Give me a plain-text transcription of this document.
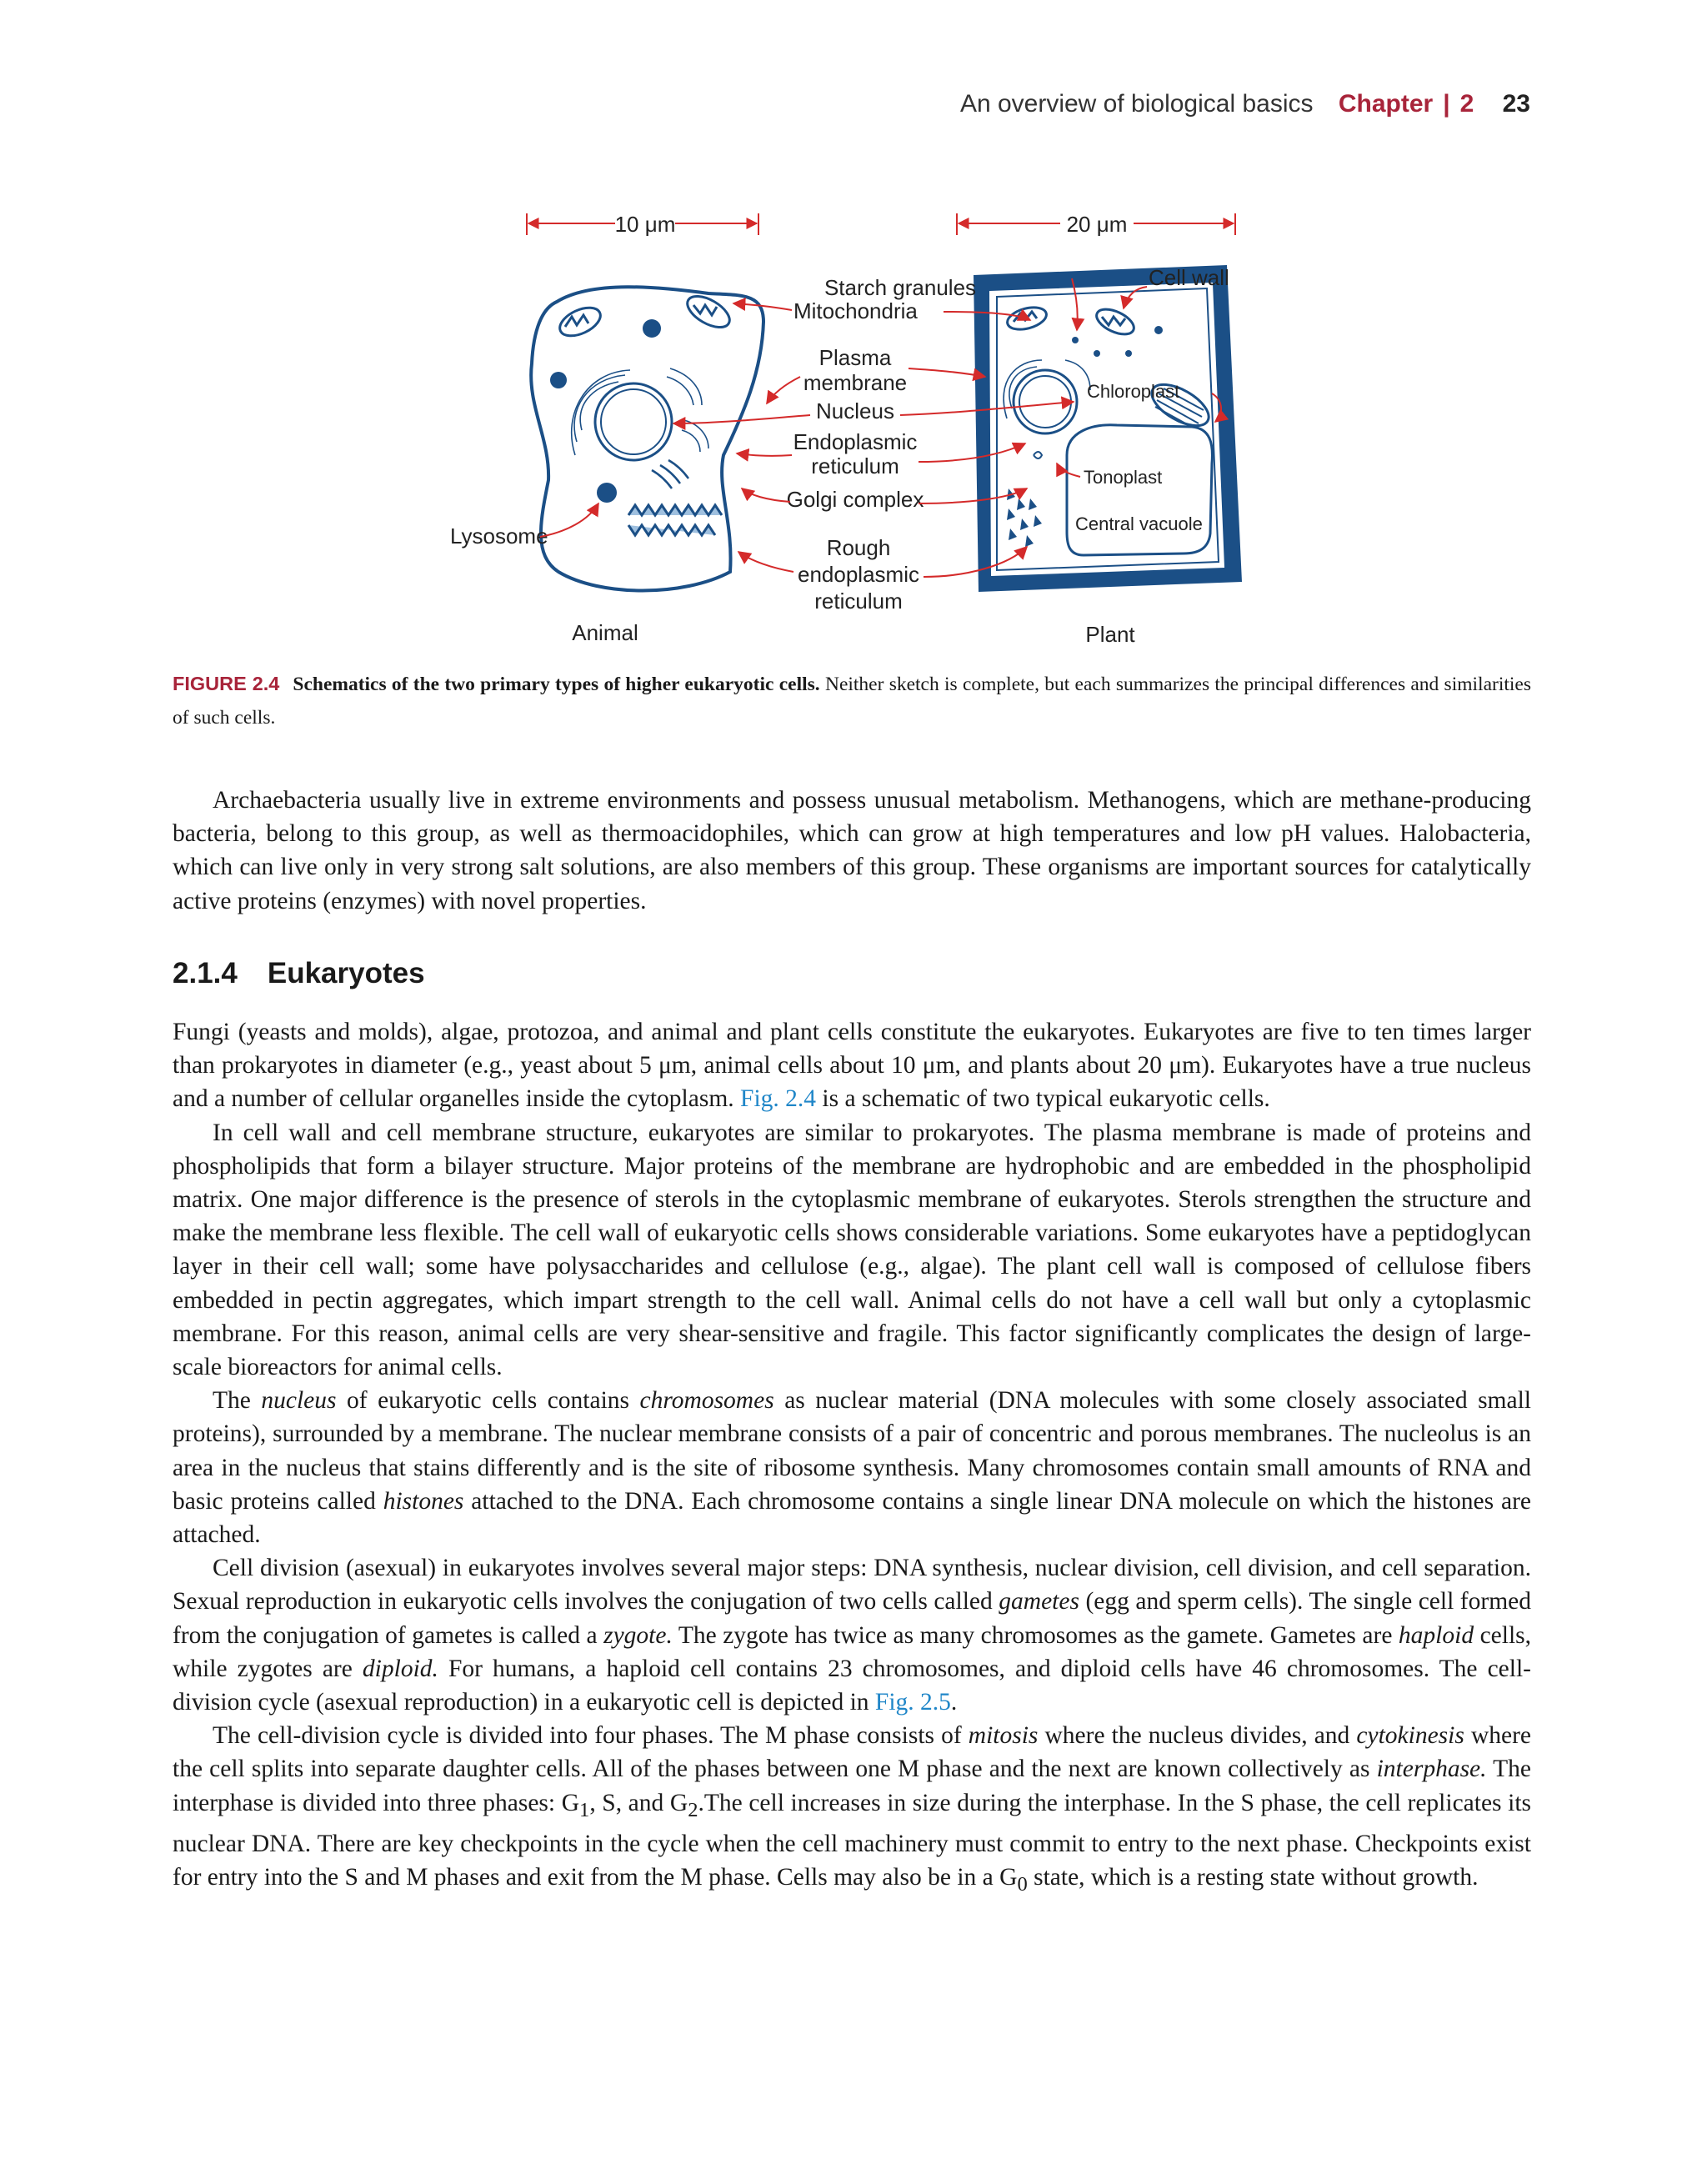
An overview of biological basics Chapter | 2 23
10 μm	20 μm
Starch granules	Cell wall
Mitochondria
Plasma
membrane
Nucleus
Endoplasmic
reticulum
Golgi complex
Rough
endoplasmic
reticulum
Lysosome
Animal	Plant
Chloroplast
Tonoplast
Central vacuole
FIGURE 2.4 Schematics of the two primary types of higher eukaryotic cells. Neither sketch is complete, but each summarizes the principal differences and similarities of such cells.

Archaebacteria usually live in extreme environments and possess unusual metabolism. Methanogens, which are methane-producing bacteria, belong to this group, as well as thermoacidophiles, which can grow at high temperatures and low pH values. Halobacteria, which can live only in very strong salt solutions, are also members of this group. These organisms are important sources for catalytically active proteins (enzymes) with novel properties.

2.1.4 Eukaryotes

Fungi (yeasts and molds), algae, protozoa, and animal and plant cells constitute the eukaryotes. Eukaryotes are five to ten times larger than prokaryotes in diameter (e.g., yeast about 5 μm, animal cells about 10 μm, and plants about 20 μm). Eukaryotes have a true nucleus and a number of cellular organelles inside the cytoplasm. Fig. 2.4 is a schematic of two typical eukaryotic cells.

In cell wall and cell membrane structure, eukaryotes are similar to prokaryotes. The plasma membrane is made of proteins and phospholipids that form a bilayer structure. Major proteins of the membrane are hydrophobic and are embedded in the phospholipid matrix. One major difference is the presence of sterols in the cytoplasmic membrane of eukaryotes. Sterols strengthen the structure and make the membrane less flexible. The cell wall of eukaryotic cells shows considerable variations. Some eukaryotes have a peptidoglycan layer in their cell wall; some have polysaccharides and cellulose (e.g., algae). The plant cell wall is composed of cellulose fibers embedded in pectin aggregates, which impart strength to the cell wall. Animal cells do not have a cell wall but only a cytoplasmic membrane. For this reason, animal cells are very shear-sensitive and fragile. This factor significantly complicates the design of large-scale bioreactors for animal cells.

The nucleus of eukaryotic cells contains chromosomes as nuclear material (DNA molecules with some closely associated small proteins), surrounded by a membrane. The nuclear membrane consists of a pair of concentric and porous membranes. The nucleolus is an area in the nucleus that stains differently and is the site of ribosome synthesis. Many chromosomes contain small amounts of RNA and basic proteins called histones attached to the DNA. Each chromosome contains a single linear DNA molecule on which the histones are attached.

Cell division (asexual) in eukaryotes involves several major steps: DNA synthesis, nuclear division, cell division, and cell separation. Sexual reproduction in eukaryotic cells involves the conjugation of two cells called gametes (egg and sperm cells). The single cell formed from the conjugation of gametes is called a zygote. The zygote has twice as many chromosomes as the gamete. Gametes are haploid cells, while zygotes are diploid. For humans, a haploid cell contains 23 chromosomes, and diploid cells have 46 chromosomes. The cell-division cycle (asexual reproduction) in a eukaryotic cell is depicted in Fig. 2.5.

The cell-division cycle is divided into four phases. The M phase consists of mitosis where the nucleus divides, and cytokinesis where the cell splits into separate daughter cells. All of the phases between one M phase and the next are known collectively as interphase. The interphase is divided into three phases: $G_1$, S, and $G_2.The$ cell increases in size during the interphase. In the S phase, the cell replicates its nuclear DNA. There are key checkpoints in the cycle when the cell machinery must commit to entry to the next phase. Checkpoints exist for entry into the S and M phases and exit from the M phase. Cells may also be in a $G_0$ state, which is a resting state without growth.
